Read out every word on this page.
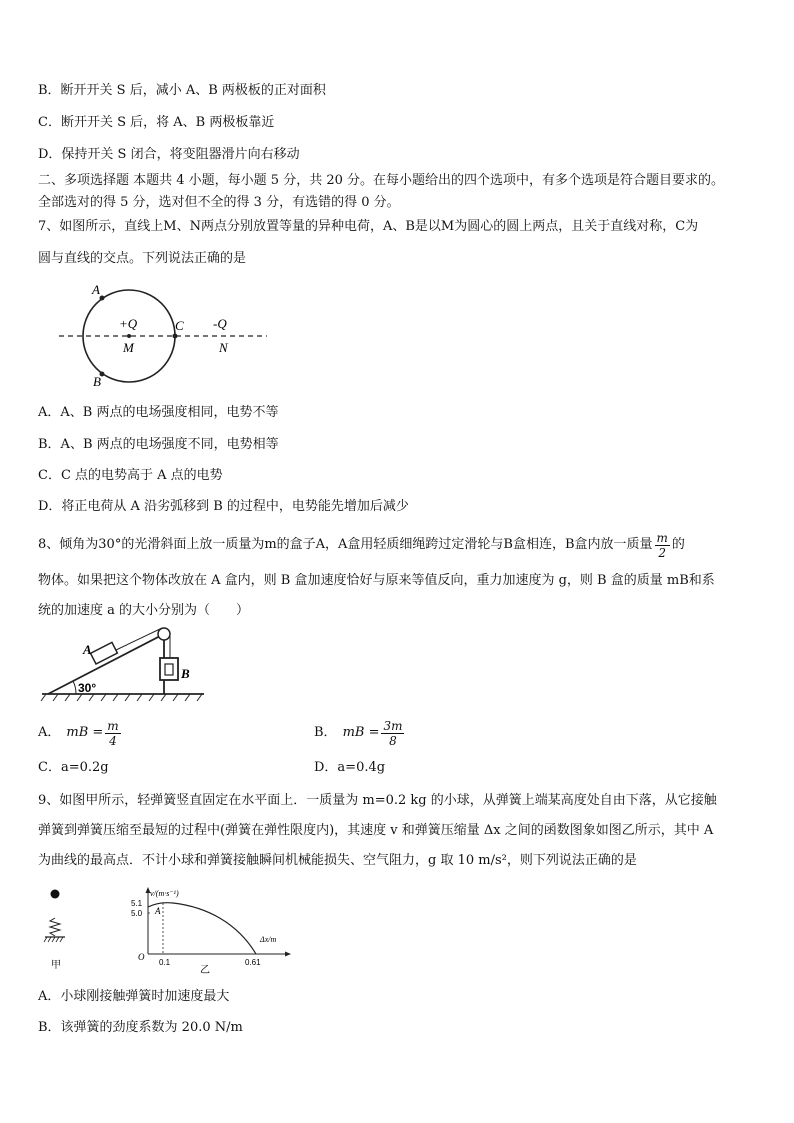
B．断开开关 S 后，减小 A、B 两极板的正对面积
C．断开开关 S 后，将 A、B 两极板靠近
D．保持开关 S 闭合，将变阻器滑片向右移动
二、多项选择题 本题共 4 小题，每小题 5 分，共 20 分。在每小题给出的四个选项中，有多个选项是符合题目要求的。
全部选对的得 5 分，选对但不全的得 3 分，有选错的得 0 分。
7、如图所示，直线上M、N两点分别放置等量的异种电荷，A、B是以M为圆心的圆上两点，且关于直线对称，C为
圆与直线的交点。下列说法正确的是
A
B
C
+Q
M
-Q
N
A．A、B 两点的电场强度相同，电势不等
B．A、B 两点的电场强度不同，电势相等
C．C 点的电势高于 A 点的电势
D．将正电荷从 A 沿劣弧移到 B 的过程中，电势能先增加后减少
8、倾角为30°的光滑斜面上放一质量为m的盒子A，A盒用轻质细绳跨过定滑轮与B盒相连，B盒内放一质量 $\frac{m}{2}$ 的
物体。如果把这个物体改放在 A 盒内，则 B 盒加速度恰好与原来等值反向，重力加速度为 g，则 B 盒的质量 mB和系
统的加速度 a 的大小分别为（　　）
30°
A
B
A． mB = $\frac{m}{4}$	B． mB = $\frac{3m}{8}$
C．a=0.2g	D．a=0.4g
9、如图甲所示，轻弹簧竖直固定在水平面上．一质量为 m=0.2 kg 的小球，从弹簧上端某高度处自由下落，从它接触
弹簧到弹簧压缩至最短的过程中(弹簧在弹性限度内)，其速度 v 和弹簧压缩量 Δx 之间的函数图象如图乙所示，其中 A
为曲线的最高点．不计小球和弹簧接触瞬间机械能损失、空气阻力，g 取 10 m/s²，则下列说法正确的是
甲
v/(m·s⁻¹)
Δx/m
5.1
5.0 A
O
0.1	0.61
乙
A．小球刚接触弹簧时加速度最大
B．该弹簧的劲度系数为 20.0 N/m
